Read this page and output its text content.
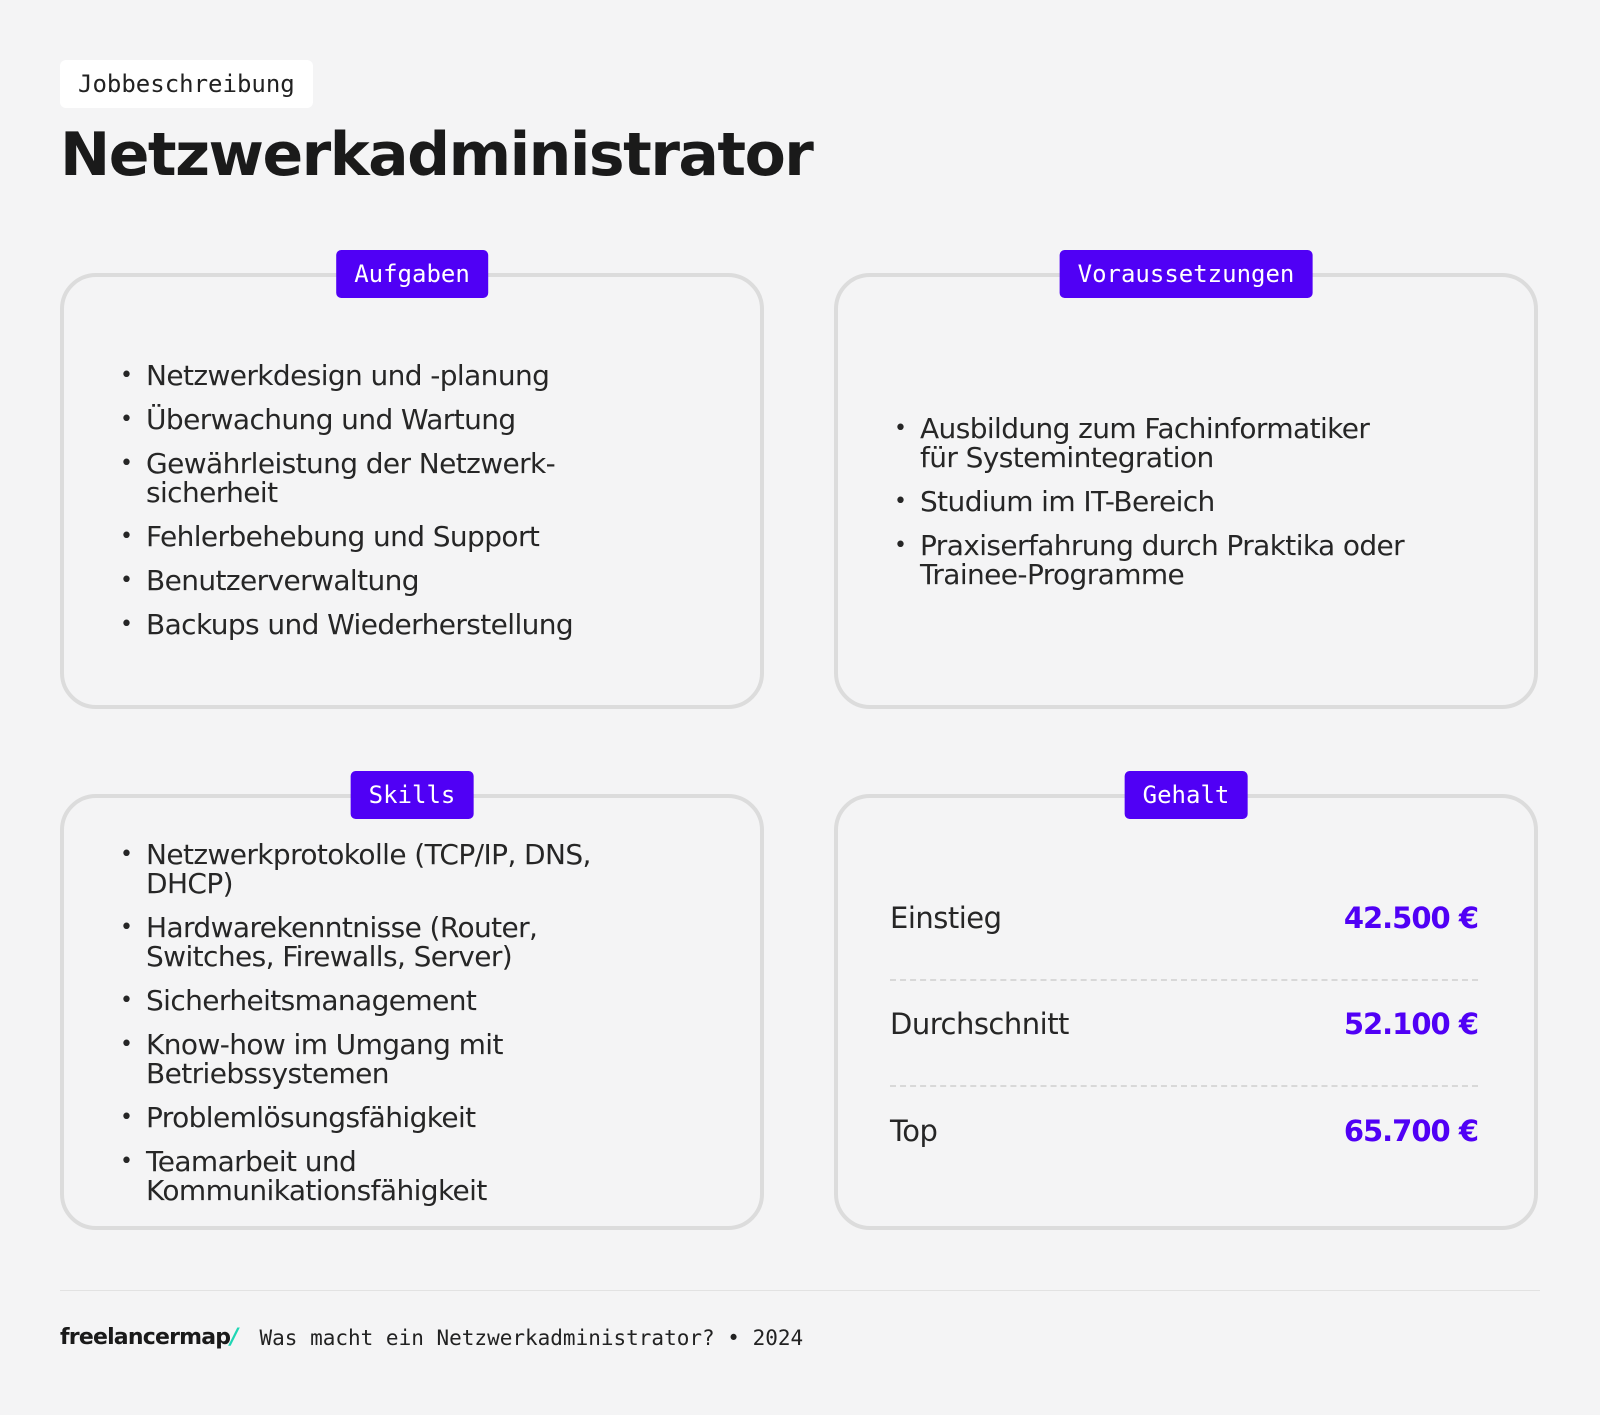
Jobbeschreibung
Netzwerkadministrator
Aufgaben
• Netzwerkdesign und -planung
• Überwachung und Wartung
• Gewährleistung der Netzwerk-
sicherheit
• Fehlerbehebung und Support
• Benutzerverwaltung
• Backups und Wiederherstellung
Voraussetzungen
• Ausbildung zum Fachinformatiker
für Systemintegration
• Studium im IT-Bereich
• Praxiserfahrung durch Praktika oder
Trainee-Programme
Skills
• Netzwerkprotokolle (TCP/IP, DNS,
DHCP)
• Hardwarekenntnisse (Router,
Switches, Firewalls, Server)
• Sicherheitsmanagement
• Know-how im Umgang mit
Betriebssystemen
• Problemlösungsfähigkeit
• Teamarbeit und
Kommunikationsfähigkeit
Gehalt
Einstieg	42.500 €
Durchschnitt	52.100 €
Top	65.700 €
freelancermap/ Was macht ein Netzwerkadministrator? • 2024
